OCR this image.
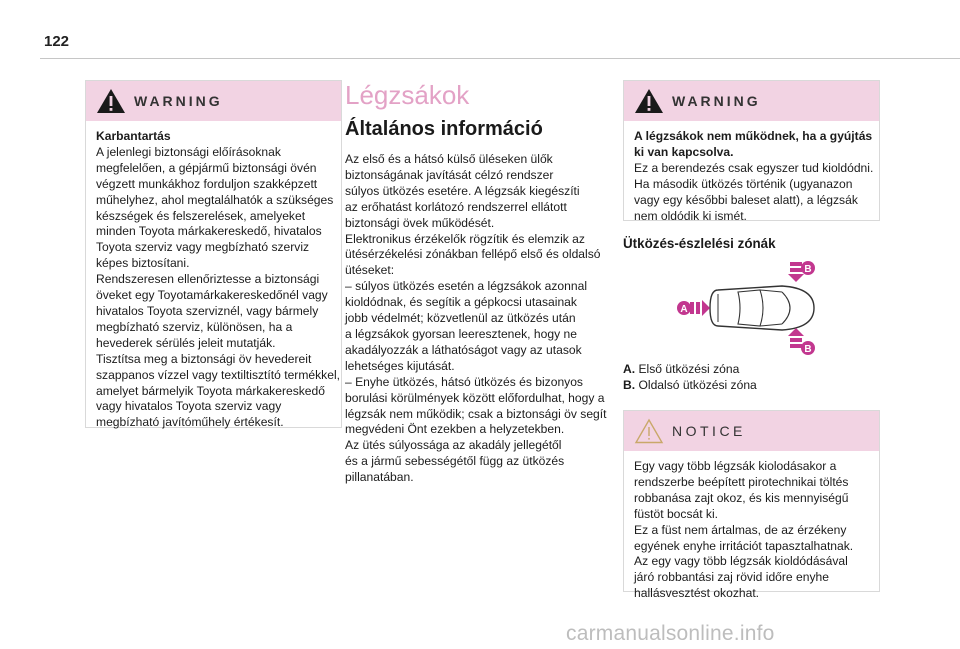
122
WARNING
Karbantartás
A jelenlegi biztonsági előírásoknak
megfelelően, a gépjármű biztonsági övén
végzett munkákhoz forduljon szakképzett
műhelyhez, ahol megtalálhatók a szükséges
készségek és felszerelések, amelyeket
minden Toyota márkakereskedő, hivatalos
Toyota szerviz vagy megbízható szerviz
képes biztosítani.
Rendszeresen ellenőriztesse a biztonsági
öveket egy Toyotamárkakereskedőnél vagy
hivatalos Toyota szerviznél, vagy bármely
megbízható szerviz, különösen, ha a
hevederek sérülés jeleit mutatják.
Tisztítsa meg a biztonsági öv hevedereit
szappanos vízzel vagy textiltisztító termékkel,
amelyet bármelyik Toyota márkakereskedő
vagy hivatalos Toyota szerviz vagy
megbízható javítóműhely értékesít.
Légzsákok
Általános információ
Az első és a hátsó külső üléseken ülők
biztonságának javítását célzó rendszer
súlyos ütközés esetére. A légzsák kiegészíti
az erőhatást korlátozó rendszerrel ellátott
biztonsági övek működését.
Elektronikus érzékelők rögzítik és elemzik az
ütésérzékelési zónákban fellépő első és oldalsó
ütéseket:
– súlyos ütközés esetén a légzsákok azonnal
kioldódnak, és segítik a gépkocsi utasainak
jobb védelmét; közvetlenül az ütközés után
a légzsákok gyorsan leeresztenek, hogy ne
akadályozzák a láthatóságot vagy az utasok
lehetséges kijutását.
– Enyhe ütközés, hátsó ütközés és bizonyos
borulási körülmények között előfordulhat, hogy a
légzsák nem működik; csak a biztonsági öv segít
megvédeni Önt ezekben a helyzetekben.
Az ütés súlyossága az akadály jellegétől
és a jármű sebességétől függ az ütközés
pillanatában.
WARNING
A légzsákok nem működnek, ha a gyújtás
ki van kapcsolva.
Ez a berendezés csak egyszer tud kioldódni.
Ha második ütközés történik (ugyanazon
vagy egy későbbi baleset alatt), a légzsák
nem oldódik ki ismét.
Ütközés-észlelési zónák
A
B
B
A. Első ütközési zóna
B. Oldalsó ütközési zóna
NOTICE
Egy vagy több légzsák kiolodásakor a
rendszerbe beépített pirotechnikai töltés
robbanása zajt okoz, és kis mennyiségű
füstöt bocsát ki.
Ez a füst nem ártalmas, de az érzékeny
egyének enyhe irritációt tapasztalhatnak.
Az egy vagy több légzsák kioldódásával
járó robbantási zaj rövid időre enyhe
hallásvesztést okozhat.
carmanualsonline.info
